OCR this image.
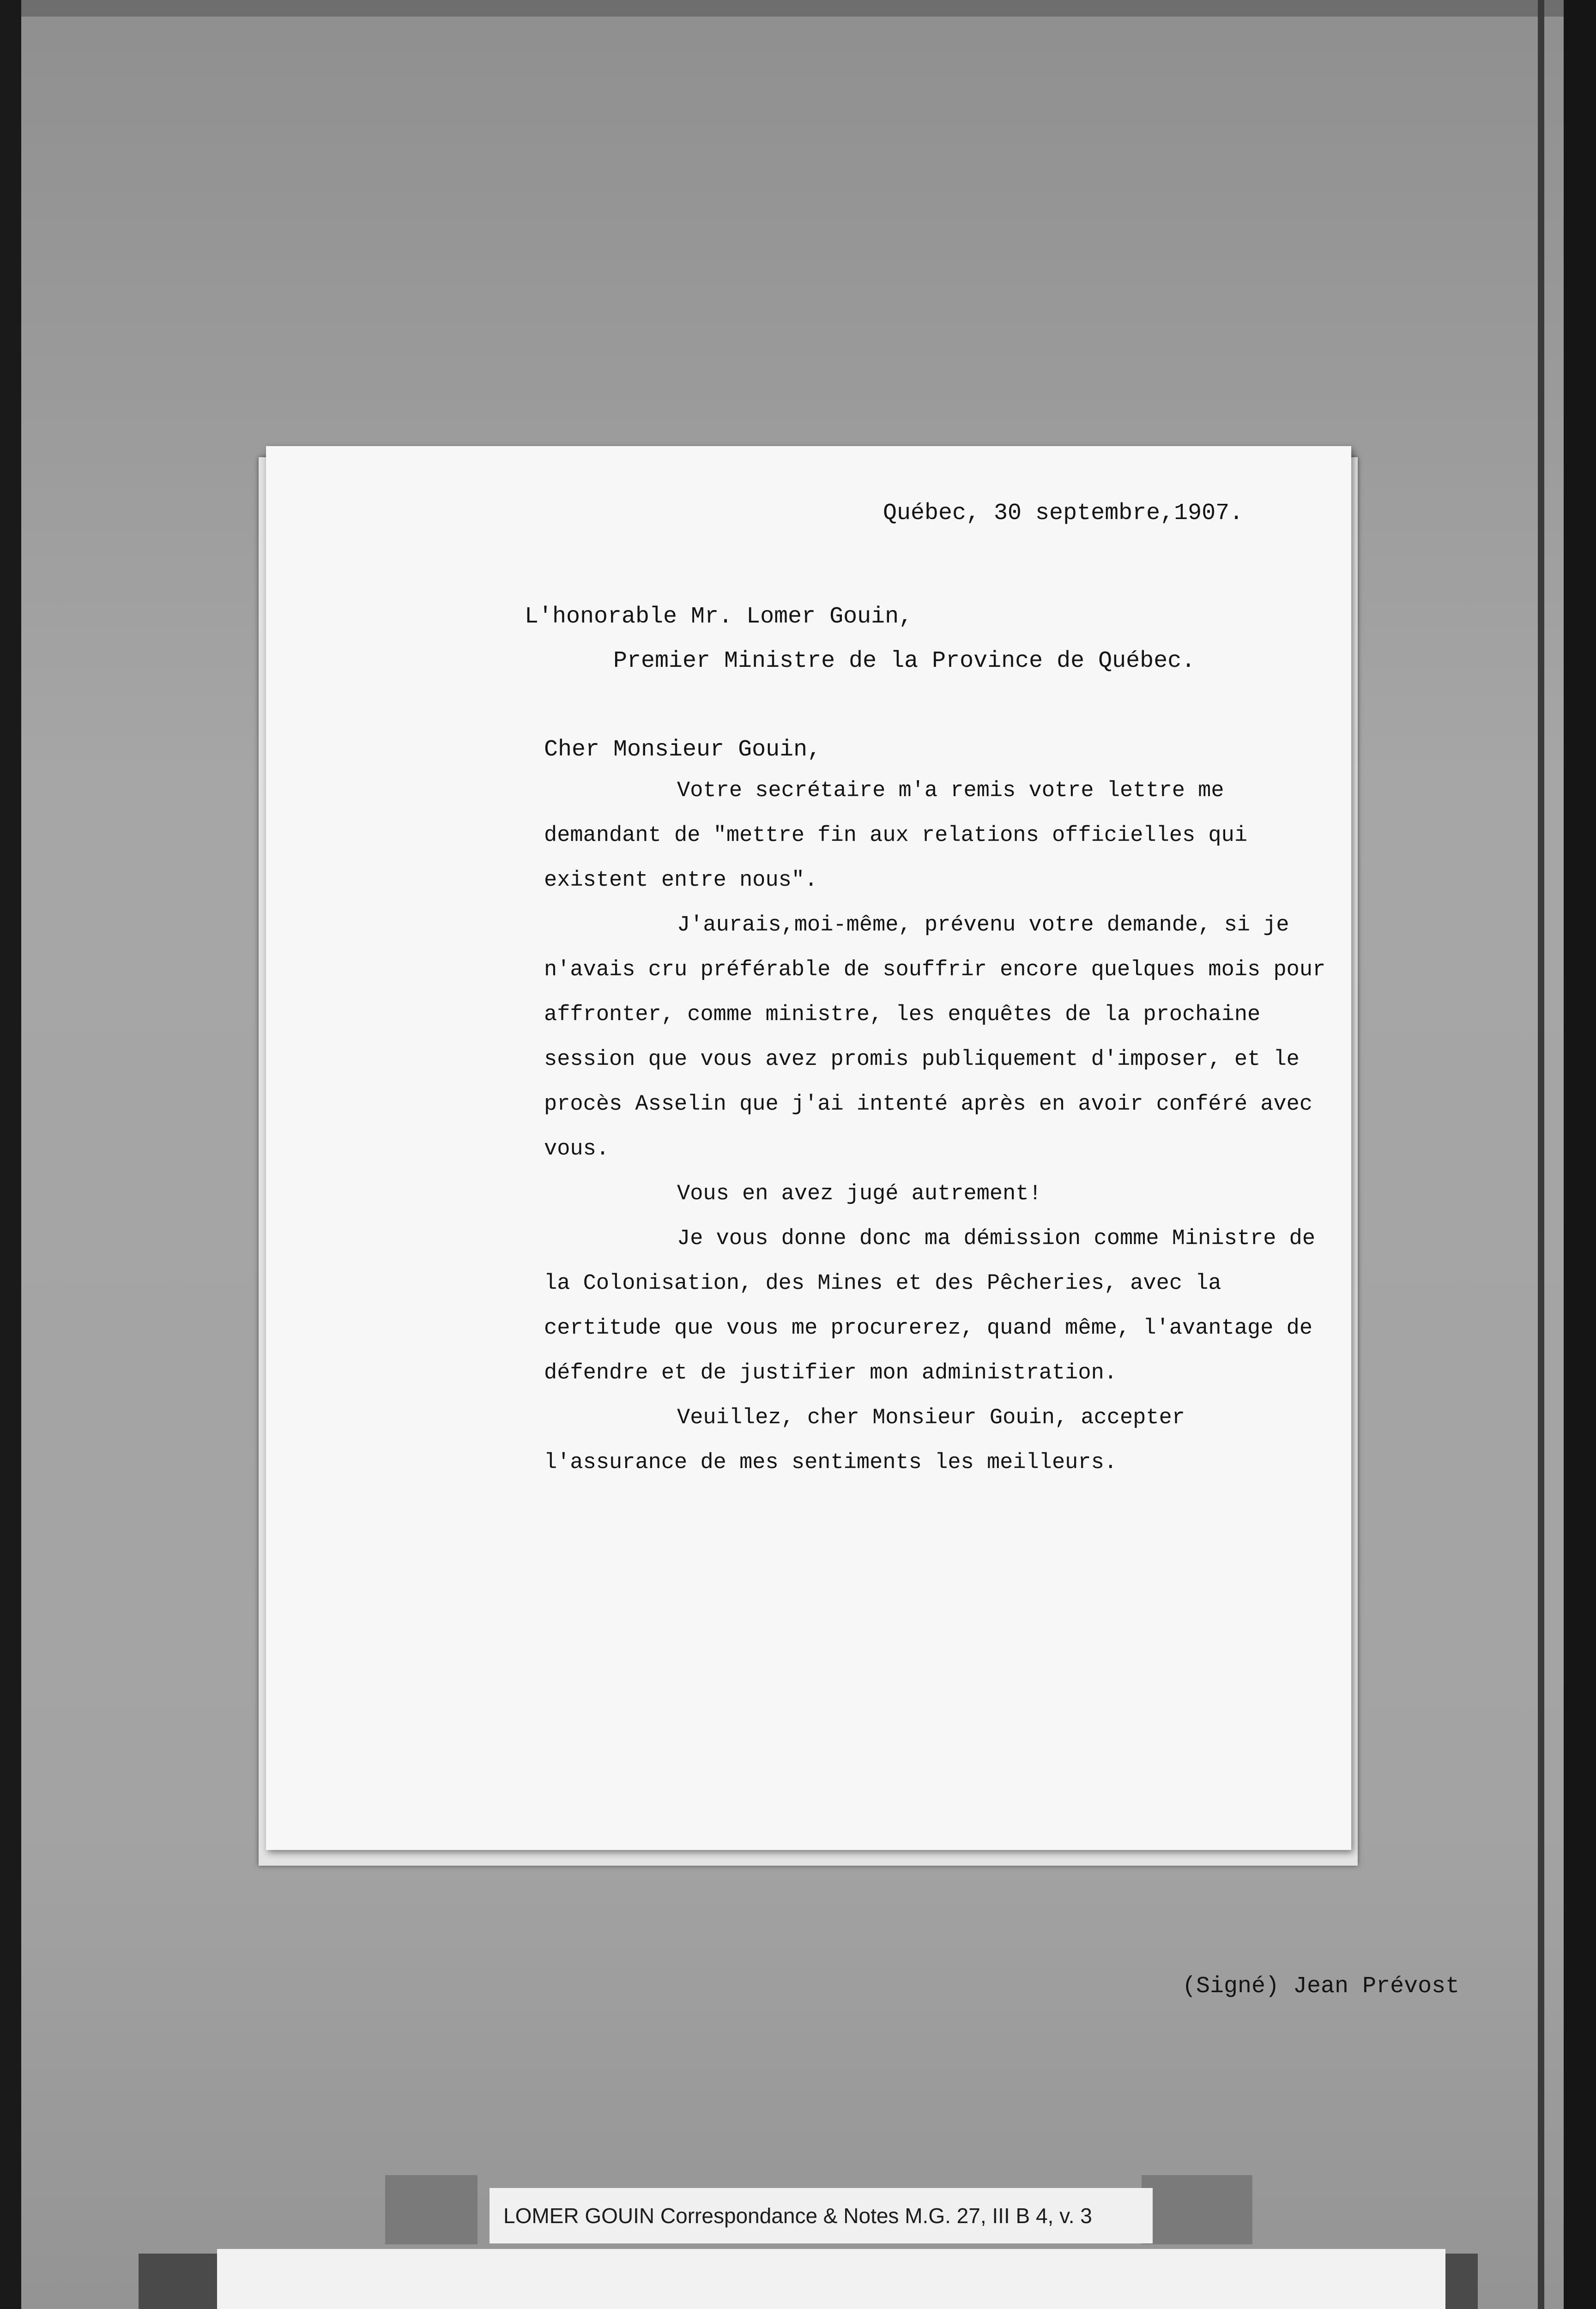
Québec, 30 septembre,1907.
L'honorable Mr. Lomer Gouin,
Premier Ministre de la Province de Québec.
Cher Monsieur Gouin,

Votre secrétaire m'a remis votre lettre me demandant de "mettre fin aux relations officielles qui existent entre nous".

J'aurais,moi-même, prévenu votre demande, si je n'avais cru préférable de souffrir encore quelques mois pour affronter, comme ministre, les enquêtes de la prochaine session que vous avez promis publiquement d'imposer, et le procès Asselin que j'ai intenté après en avoir conféré avec vous.

Vous en avez jugé autrement!

Je vous donne donc ma démission comme Ministre de la Colonisation, des Mines et des Pêcheries, avec la certitude que vous me procurerez, quand même, l'avantage de défendre et de justifier mon administration.

Veuillez, cher Monsieur Gouin, accepter l'assurance de mes sentiments les meilleurs.

(Signé) Jean Prévost
LOMER GOUIN Correspondance & Notes M.G. 27, III B 4, v. 3
